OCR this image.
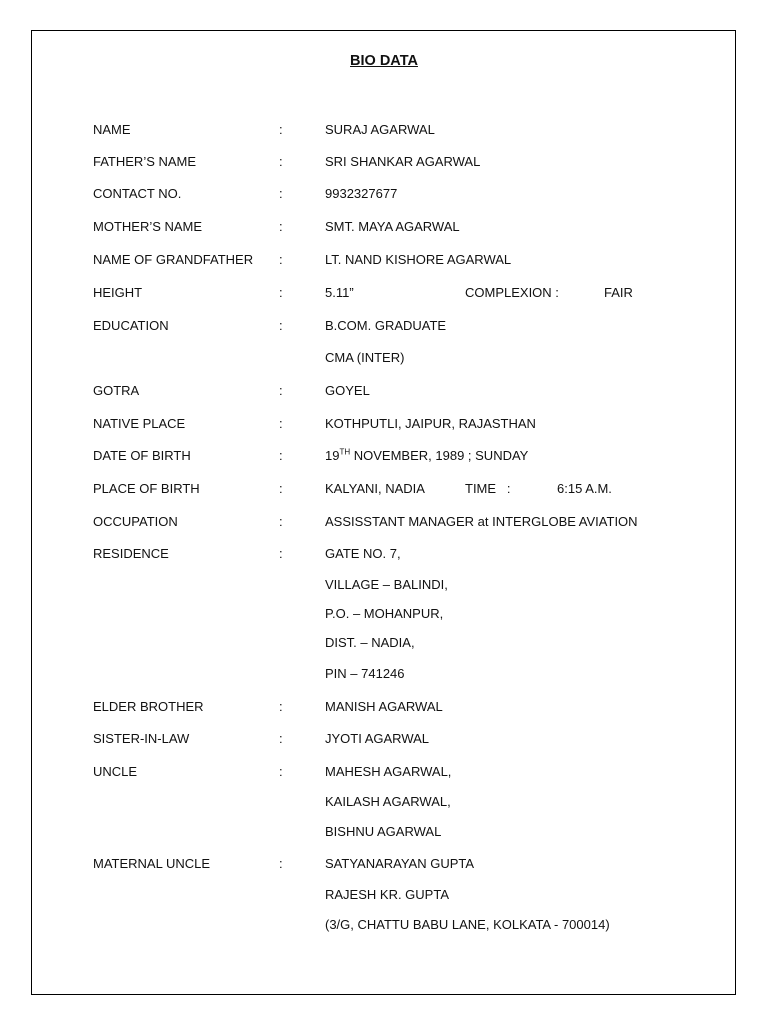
BIO DATA
NAME	:	SURAJ AGARWAL
FATHER’S NAME	:	SRI SHANKAR AGARWAL
CONTACT NO.	:	9932327677
MOTHER’S NAME	:	SMT. MAYA AGARWAL
NAME OF GRANDFATHER :	LT. NAND KISHORE AGARWAL
HEIGHT	:	5.11”	COMPLEXION :	FAIR
EDUCATION	:	B.COM. GRADUATE
CMA (INTER)
GOTRA	:	GOYEL
NATIVE PLACE	:	KOTHPUTLI, JAIPUR, RAJASTHAN
DATE OF BIRTH	:	19TH NOVEMBER, 1989 ; SUNDAY
PLACE OF BIRTH	:	KALYANI, NADIA	TIME   :	6:15 A.M.
OCCUPATION	:	ASSISSTANT MANAGER at INTERGLOBE AVIATION
RESIDENCE	:	GATE NO. 7,
VILLAGE – BALINDI,
P.O. – MOHANPUR,
DIST. – NADIA,
PIN – 741246
ELDER BROTHER	:	MANISH AGARWAL
SISTER-IN-LAW	:	JYOTI AGARWAL
UNCLE	:	MAHESH AGARWAL,
KAILASH AGARWAL,
BISHNU AGARWAL
MATERNAL UNCLE	:	SATYANARAYAN GUPTA
RAJESH KR. GUPTA
(3/G, CHATTU BABU LANE, KOLKATA - 700014)
